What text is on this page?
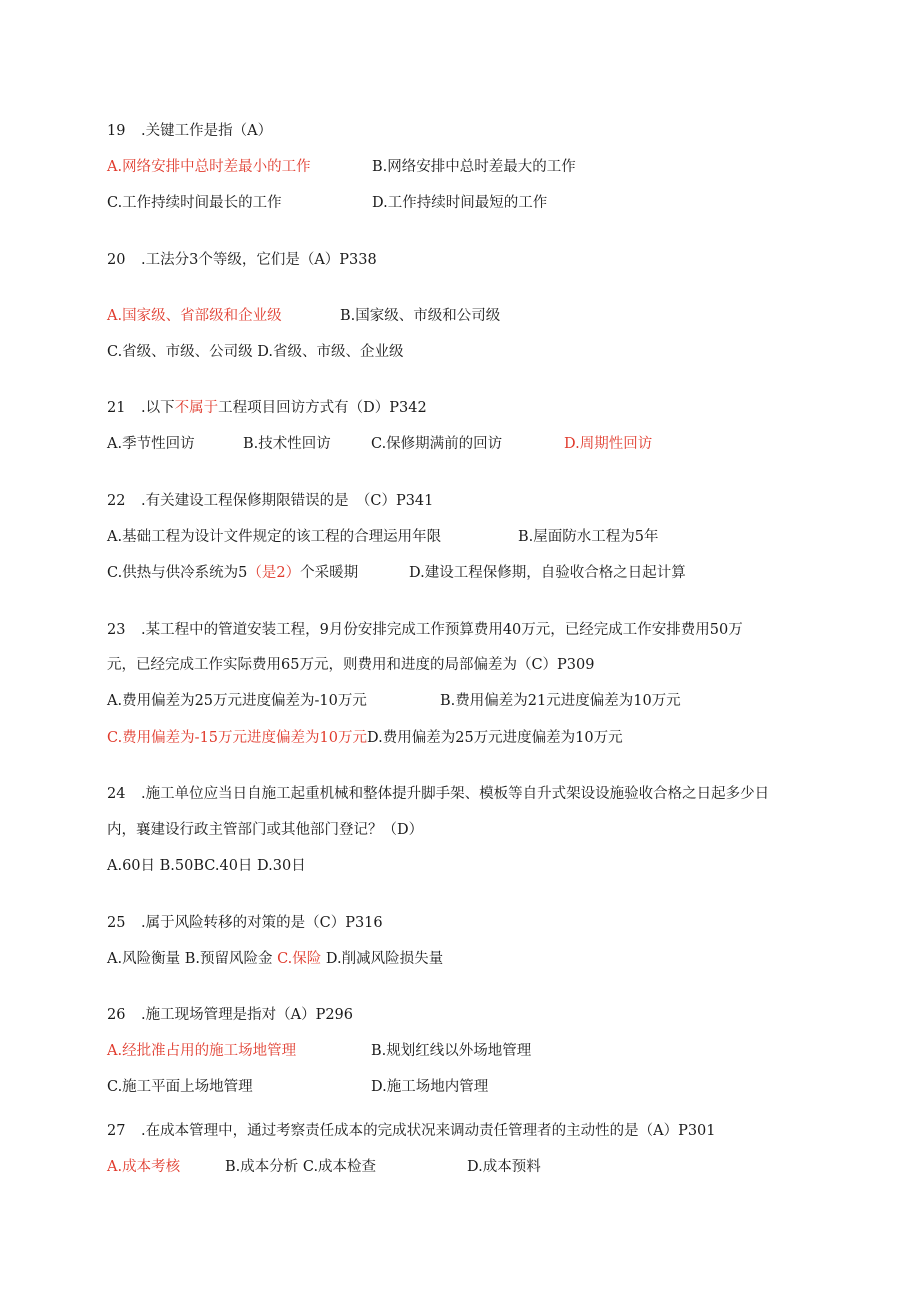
19 .关键工作是指（A）
A.网络安排中总时差最小的工作	B.网络安排中总时差最大的工作
C.工作持续时间最长的工作	D.工作持续时间最短的工作
20 .工法分3个等级，它们是（A）P338
A.国家级、省部级和企业级	B.国家级、市级和公司级
C.省级、市级、公司级 D.省级、市级、企业级
21 .以下不属于工程项目回访方式有（D）P342
A.季节性回访	B.技术性回访	C.保修期满前的回访	D.周期性回访
22 .有关建设工程保修期限错误的是　（C）P341
A.基础工程为设计文件规定的该工程的合理运用年限	B.屋面防水工程为5年
C.供热与供冷系统为5（是2）个采暖期	D.建设工程保修期，自验收合格之日起计算
23 .某工程中的管道安装工程，9月份安排完成工作预算费用40万元，已经完成工作安排费用50万
元，已经完成工作实际费用65万元，则费用和进度的局部偏差为（C）P309
A.费用偏差为25万元进度偏差为-10万元	B.费用偏差为21元进度偏差为10万元
C.费用偏差为-15万元进度偏差为10万元D.费用偏差为25万元进度偏差为10万元
24 .施工单位应当日自施工起重机械和整体提升脚手架、模板等自升式架设设施验收合格之日起多少日
内，襄建设行政主管部门或其他部门登记？（D）
A.60日 B.50BC.40日 D.30日
25 .属于风险转移的对策的是（C）P316
A.风险衡量 B.预留风险金 C.保险 D.削减风险损失量
26 .施工现场管理是指对（A）P296
A.经批准占用的施工场地管理	B.规划红线以外场地管理
C.施工平面上场地管理	D.施工场地内管理
27 .在成本管理中，通过考察责任成本的完成状况来调动责任管理者的主动性的是（A）P301
A.成本考核	B.成本分析 C.成本检查	D.成本预料
